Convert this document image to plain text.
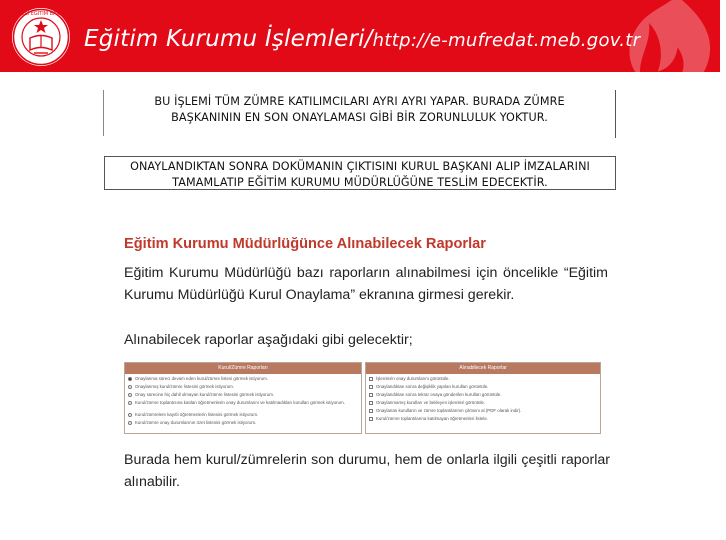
T.C. MİLLİ EĞİTİM BAKANLIĞI
Eğitim Kurumu İşlemleri/http://e-mufredat.meb.gov.tr
BU İŞLEMİ TÜM ZÜMRE KATILIMCILARI AYRI AYRI YAPAR. BURADA ZÜMRE
BAŞKANININ EN SON ONAYLAMASI GİBİ BİR ZORUNLULUK YOKTUR.
ONAYLANDIKTAN SONRA DOKÜMANIN ÇIKTISINI KURUL BAŞKANI ALIP İMZALARINI
TAMAMLATIP EĞİTİM KURUMU MÜDÜRLÜĞÜNE TESLİM EDECEKTİR.
Eğitim Kurumu Müdürlüğünce Alınabilecek Raporlar
Eğitim Kurumu Müdürlüğü bazı raporların alınabilmesi için öncelikle “Eğitim Kurumu Müdürlüğü Kurul Onaylama” ekranına girmesi gerekir.
Alınabilecek raporlar aşağıdaki gibi gelecektir;
Kurul/Zümre Raporları
Onaylanma süreci devam eden kurul/zümre listesi görmek istiyorum.
Onaylanmış kurul/zümre listesini görmek istiyorum.
Onay sürecine hiç dahil olmayan kurul/zümre listesini görmek istiyorum.
Kurul/zümre toplantısına katılan öğretmenlerin onay durumlarını ve katılmadıkları kurulları görmek istiyorum.
Kurul/zümrelere kayıtlı öğretmenlerin listesini görmek istiyorum.
Kurul/zümre onay durumlarının özet listesini görmek istiyorum.
Alınabilecek Raporlar
İşlemlerin onay durumlarını görüntüle.
Onaylandıktan sonra değişiklik yapılan kurulları görüntüle.
Onaylandıktan sonra tekrar onaya gönderilen kurulları görüntüle.
Onaylanmamış kurulları ve bekleyen işlemleri görüntüle.
Onaylanan kurulların ve zümre toplantılarının çıktısını al (PDF olarak indir).
Kurul/zümre toplantılarına katılmayan öğretmenleri listele.
Burada hem kurul/zümrelerin son durumu, hem de onlarla ilgili çeşitli raporlar alınabilir.
